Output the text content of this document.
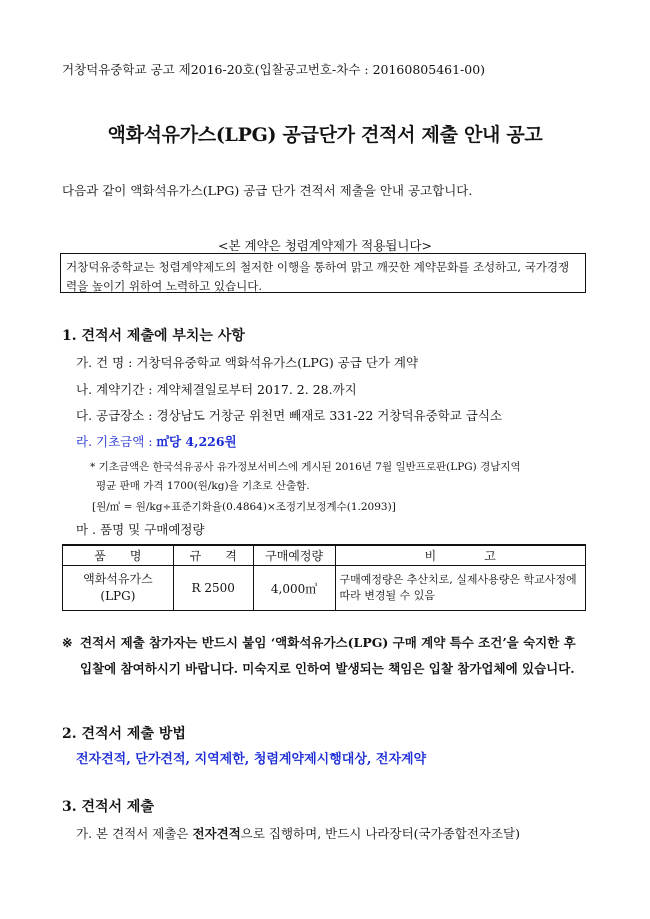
거창덕유중학교 공고 제2016-20호(입찰공고번호-차수 : 20160805461-00)
액화석유가스(LPG) 공급단가 견적서 제출 안내 공고
다음과 같이 액화석유가스(LPG) 공급 단가 견적서 제출을 안내 공고합니다.
<본 계약은 청렴계약제가 적용됩니다>
거창덕유중학교는 청렴계약제도의 철저한 이행을 통하여 맑고 깨끗한 계약문화를 조성하고, 국가경쟁력을 높이기 위하여 노력하고 있습니다.
1. 견적서 제출에 부치는 사항
가. 건 명 : 거창덕유중학교 액화석유가스(LPG) 공급 단가 계약
나. 계약기간 : 계약체결일로부터 2017. 2. 28.까지
다. 공급장소 : 경상남도 거창군 위천면 빼재로 331-22 거창덕유중학교 급식소
라. 기초금액 : ㎥당 4,226원
* 기초금액은 한국석유공사 유가정보서비스에 게시된 2016년 7월 일반프로판(LPG) 경남지역
평균 판매 가격 1700(원/kg)을 기초로 산출함.
[원/㎥ = 원/kg÷표준기화율(0.4864)×조정기보정계수(1.2093)]
마 . 품명 및 구매예정량
품　　명	규　　격	구매예정량	비　　　　고
액화석유가스 (LPG)	R 2500	4,000㎥	구매예정량은 추산치로, 실제사용량은 학교사정에 따라 변경될 수 있음
※ 견적서 제출 참가자는 반드시 붙임 ‘액화석유가스(LPG) 구매 계약 특수 조건’을 숙지한 후 입찰에 참여하시기 바랍니다. 미숙지로 인하여 발생되는 책임은 입찰 참가업체에 있습니다.
2. 견적서 제출 방법
전자견적, 단가견적, 지역제한, 청렴계약제시행대상, 전자계약
3. 견적서 제출
가. 본 견적서 제출은 전자견적으로 집행하며, 반드시 나라장터(국가종합전자조달)
